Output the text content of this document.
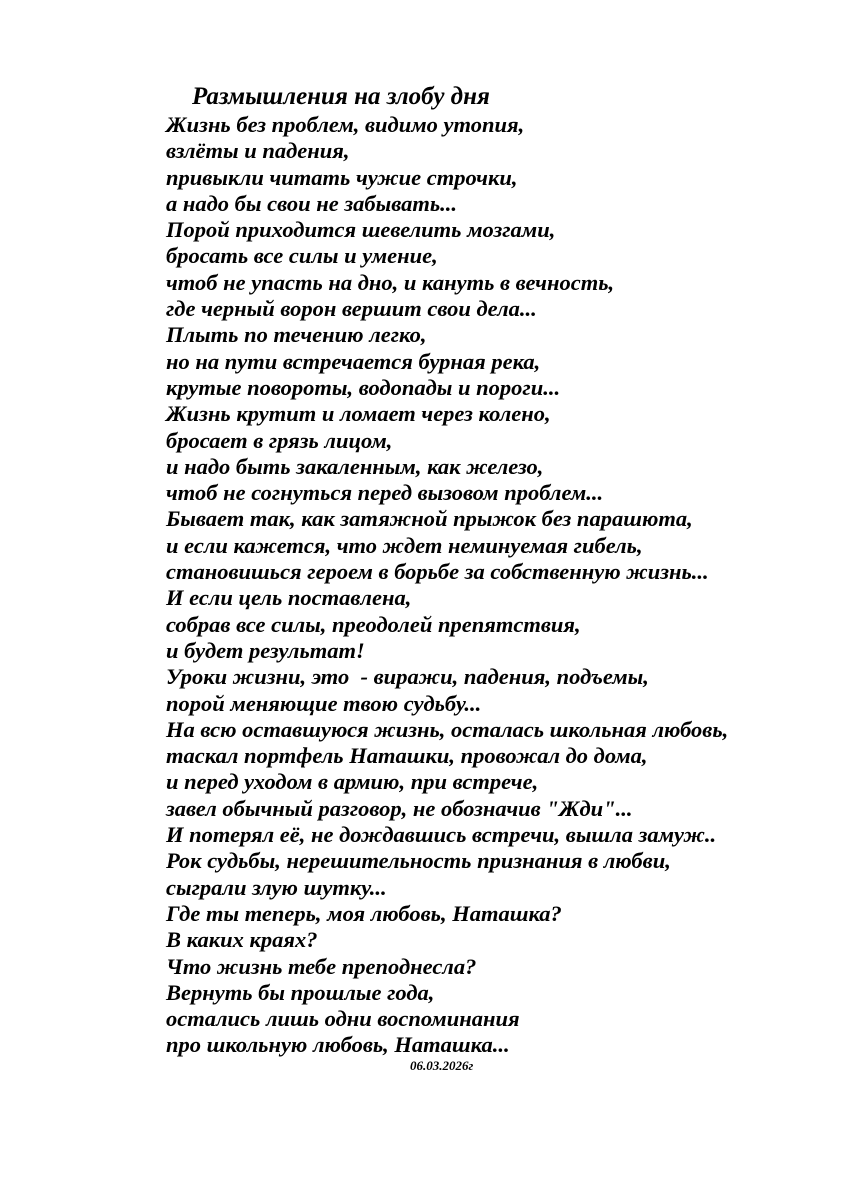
Размышления на злобу дня
Жизнь без проблем, видимо утопия,
взлёты и падения,
привыкли читать чужие строчки,
а надо бы свои не забывать...
Порой приходится шевелить мозгами,
бросать все силы и умение,
чтоб не упасть на дно, и кануть в вечность,
где черный ворон вершит свои дела...
Плыть по течению легко,
но на пути встречается бурная река,
крутые повороты, водопады и пороги...
Жизнь крутит и ломает через колено,
бросает в грязь лицом,
и надо быть закаленным, как железо,
чтоб не согнуться перед вызовом проблем...
Бывает так, как затяжной прыжок без парашюта,
и если кажется, что ждет неминуемая гибель,
становишься героем в борьбе за собственную жизнь...
И если цель поставлена,
собрав все силы, преодолей препятствия,
и будет результат!
Уроки жизни, это  - виражи, падения, подъемы,
порой меняющие твою судьбу...
На всю оставшуюся жизнь, осталась школьная любовь,
таскал портфель Наташки, провожал до дома,
и перед уходом в армию, при встрече,
завел обычный разговор, не обозначив "Жди"...
И потерял её, не дождавшись встречи, вышла замуж..
Рок судьбы, нерешительность признания в любви,
сыграли злую шутку...
Где ты теперь, моя любовь, Наташка?
В каких краях?
Что жизнь тебе преподнесла?
Вернуть бы прошлые года,
остались лишь одни воспоминания
про школьную любовь, Наташка...
06.03.2026г
